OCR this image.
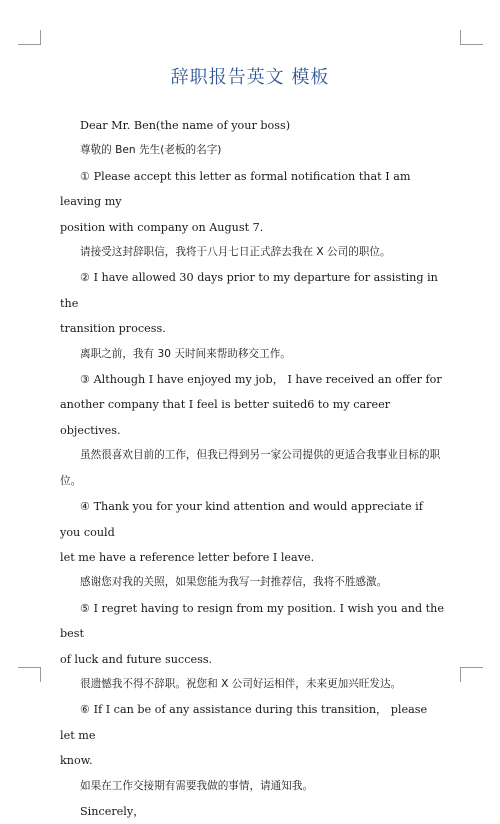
辞职报告英文 模板

Dear Mr. Ben(the name of your boss)

尊敬的 Ben 先生(老板的名字)

① Please accept this letter as formal notification that I am leaving my

position with company on August 7.

请接受这封辞职信，我将于八月七日正式辞去我在 X 公司的职位。

② I have allowed 30 days prior to my departure for assisting in the

transition process.

离职之前，我有 30 天时间来帮助移交工作。

③ Although I have enjoyed my job， I have received an offer for

another company that I feel is better suited6 to my career objectives.

虽然很喜欢目前的工作，但我已得到另一家公司提供的更适合我事业目标的职位。

④ Thank you for your kind attention and would appreciate if you could

let me have a reference letter before I leave.

感谢您对我的关照，如果您能为我写一封推荐信，我将不胜感激。

⑤ I regret having to resign from my position. I wish you and the best

of luck and future success.

很遗憾我不得不辞职。祝您和 X 公司好运相伴，未来更加兴旺发达。

⑥ If I can be of any assistance during this transition， please let me

know.

如果在工作交接期有需要我做的事情，请通知我。

Sincerely，
